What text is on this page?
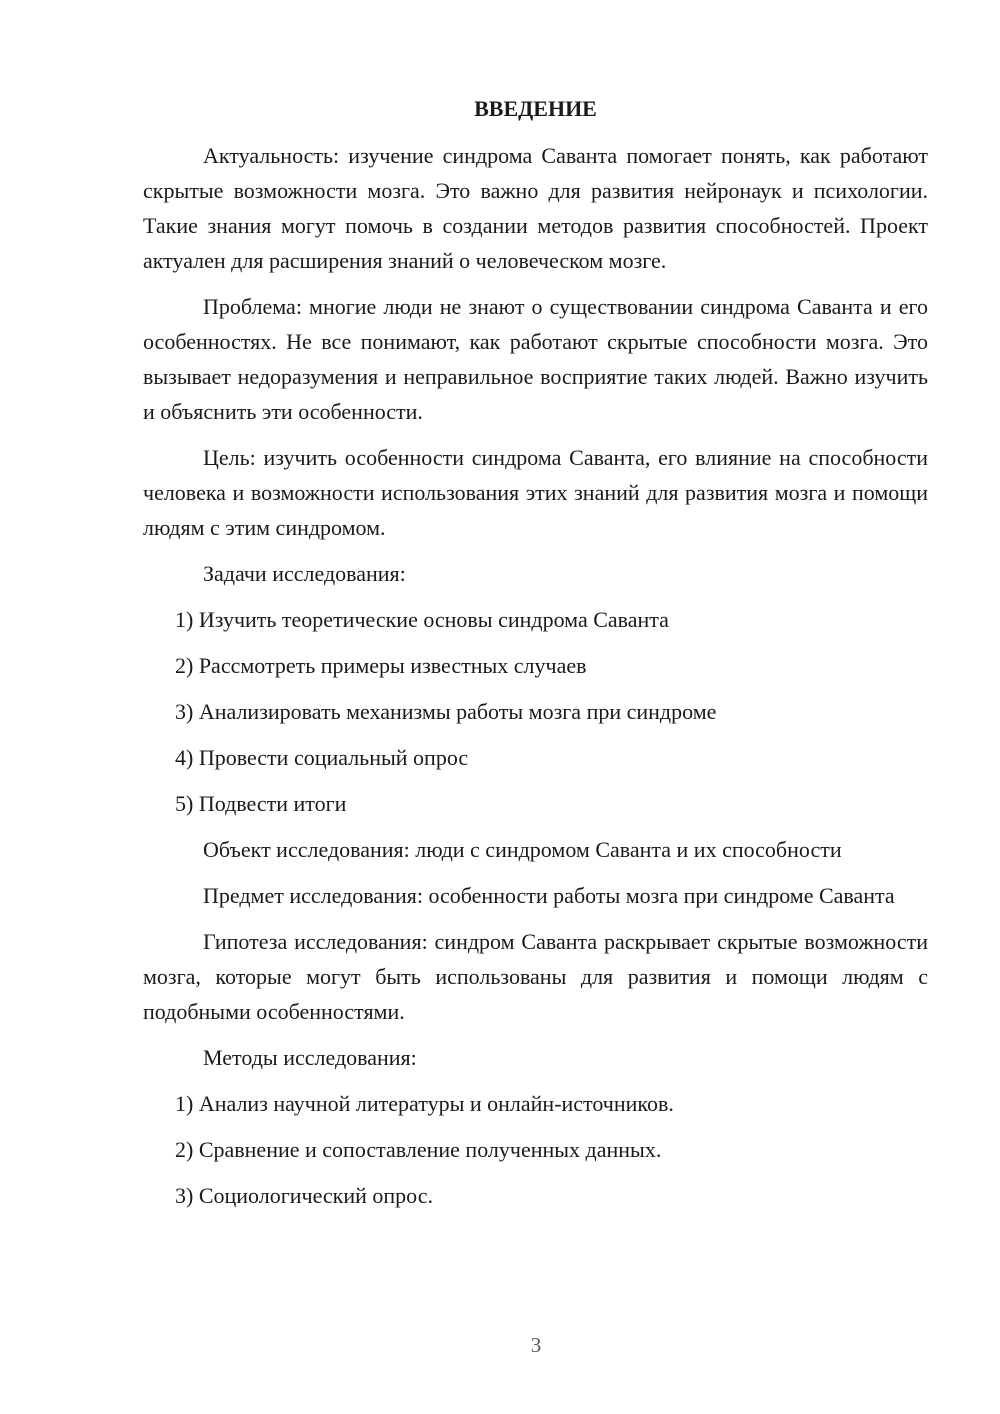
ВВЕДЕНИЕ

Актуальность: изучение синдрома Саванта помогает понять, как работают скрытые возможности мозга. Это важно для развития нейронаук и психологии. Такие знания могут помочь в создании методов развития способностей. Проект актуален для расширения знаний о человеческом мозге.

Проблема: многие люди не знают о существовании синдрома Саванта и его особенностях. Не все понимают, как работают скрытые способности мозга. Это вызывает недоразумения и неправильное восприятие таких людей. Важно изучить и объяснить эти особенности.

Цель: изучить особенности синдрома Саванта, его влияние на способности человека и возможности использования этих знаний для развития мозга и помощи людям с этим синдромом.

Задачи исследования:

1) Изучить теоретические основы синдрома Саванта

2) Рассмотреть примеры известных случаев

3) Анализировать механизмы работы мозга при синдроме

4) Провести социальный опрос

5) Подвести итоги

Объект исследования: люди с синдромом Саванта и их способности

Предмет исследования: особенности работы мозга при синдроме Саванта

Гипотеза исследования: синдром Саванта раскрывает скрытые возможности мозга, которые могут быть использованы для развития и помощи людям с подобными особенностями.

Методы исследования:

1) Анализ научной литературы и онлайн-источников.

2) Сравнение и сопоставление полученных данных.

3) Социологический опрос.

3
